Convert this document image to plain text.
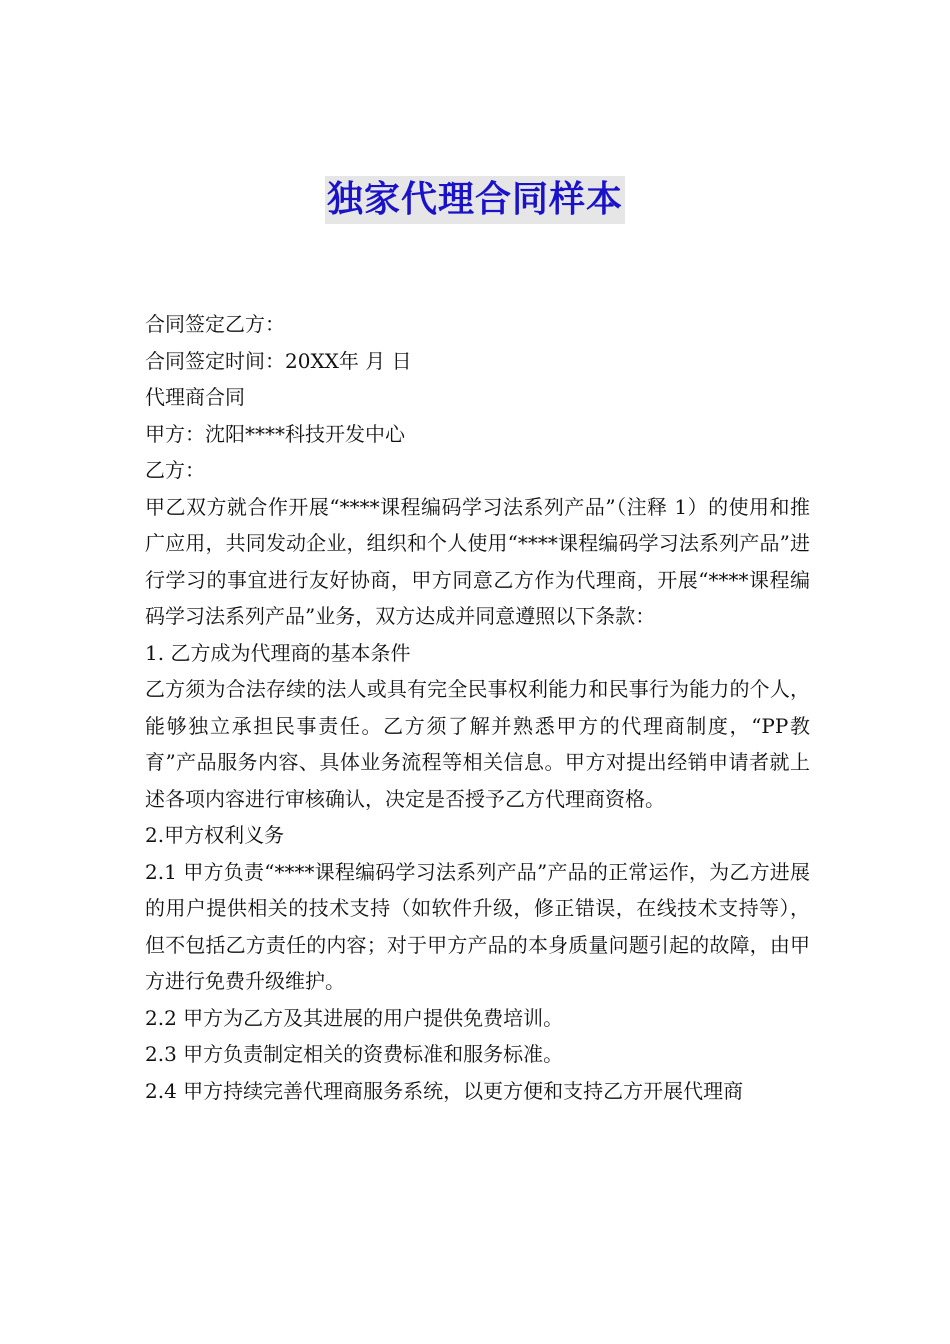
独家代理合同样本

合同签定乙方：

合同签定时间：20XX年 月 日

代理商合同

甲方：沈阳****科技开发中心

乙方：

甲乙双方就合作开展“****课程编码学习法系列产品”（注释 1）的使用和推广应用，共同发动企业，组织和个人使用“****课程编码学习法系列产品”进行学习的事宜进行友好协商，甲方同意乙方作为代理商，开展“****课程编码学习法系列产品”业务，双方达成并同意遵照以下条款：

1. 乙方成为代理商的基本条件

乙方须为合法存续的法人或具有完全民事权利能力和民事行为能力的个人，能够独立承担民事责任。乙方须了解并熟悉甲方的代理商制度，“PP教育”产品服务内容、具体业务流程等相关信息。甲方对提出经销申请者就上述各项内容进行审核确认，决定是否授予乙方代理商资格。

2.甲方权利义务

2.1 甲方负责“****课程编码学习法系列产品”产品的正常运作，为乙方进展的用户提供相关的技术支持（如软件升级，修正错误，在线技术支持等），但不包括乙方责任的内容；对于甲方产品的本身质量问题引起的故障，由甲方进行免费升级维护。

2.2 甲方为乙方及其进展的用户提供免费培训。

2.3 甲方负责制定相关的资费标准和服务标准。

2.4 甲方持续完善代理商服务系统，以更方便和支持乙方开展代理商
